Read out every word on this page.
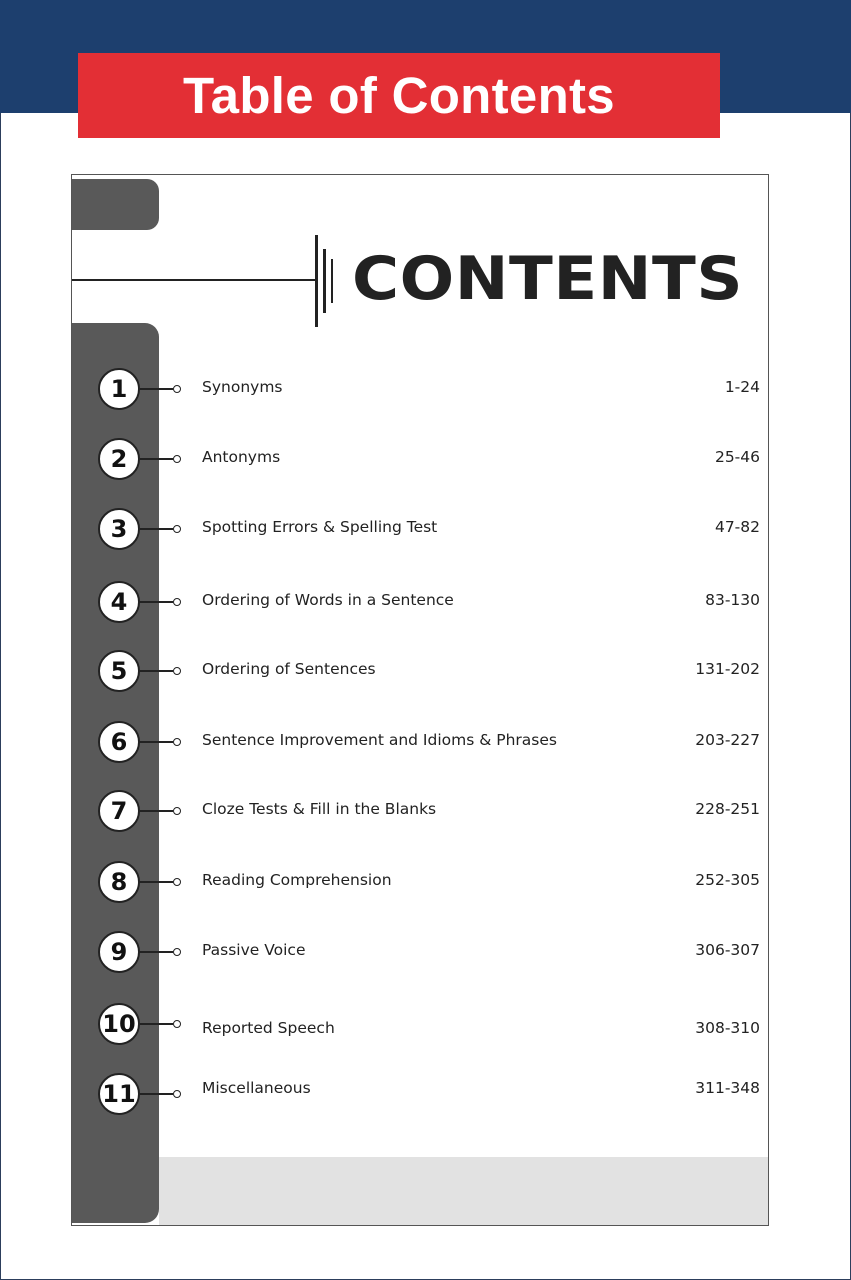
Table of Contents
CONTENTS
1	Synonyms	1-24
2	Antonyms	25-46
3	Spotting Errors & Spelling Test	47-82
4	Ordering of Words in a Sentence	83-130
5	Ordering of Sentences	131-202
6	Sentence Improvement and Idioms & Phrases	203-227
7	Cloze Tests & Fill in the Blanks	228-251
8	Reading Comprehension	252-305
9	Passive Voice	306-307
10	Reported Speech	308-310
11	Miscellaneous	311-348
